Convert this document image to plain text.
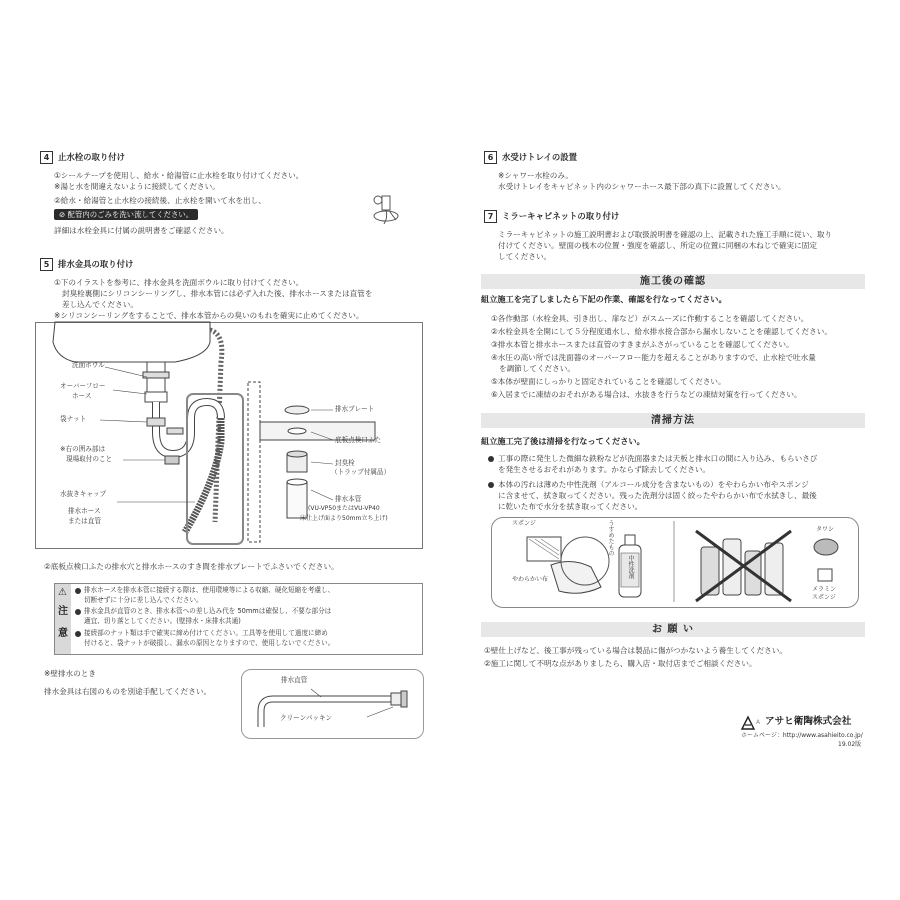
4	止水栓の取り付け
①シールテープを使用し、給水・給湯管に止水栓を取り付けてください。
※湯と水を間違えないように接続してください。
②給水・給湯管と止水栓の接続後、止水栓を開いて水を出し、
⊘ 配管内のごみを洗い流してください。
詳細は水栓金具に付属の説明書をご確認ください。
5	排水金具の取り付け
①下のイラストを参考に、排水金具を洗面ボウルに取り付けてください。
封臭栓裏側にシリコンシーリングし、排水本管には必ず入れた後、排水ホースまたは直管を
差し込んでください。
※シリコンシーリングをすることで、排水本管からの臭いのもれを確実に止めてください。
洗面ボウル
オーバーフロー
ホース
袋ナット
※右の囲み部は
現場取付のこと
水抜きキャップ
排水ホース
または直管
排水プレート
底板点検口ふた
封臭栓
（トラップ付属品）
排水本管
(VU-VP50またはVU-VP40
床仕上げ面より50mm立ち上げ)
②底板点検口ふたの排水穴と排水ホースのすき間を排水プレートでふさいでください。
⚠
注
意
排水ホースを排水本管に接続する際は、使用環境等による収縮、硬化短縮を考慮し、
切断せずに十分に差し込んでください。
排水金具が直管のとき、排水本管への差し込み代を 50mmは確保し、不要な部分は
適宜、切り落としてください。(壁排水・床排水共通)
接続部のナット類は手で確実に締め付けてください。工具等を使用して過度に締め
付けると、袋ナットが破損し、漏水の原因となりますので、使用しないでください。
※壁排水のとき
排水金具は右図のものを別途手配してください。
排水直管
クリーンパッキン
6	水受けトレイの設置
※シャワー水栓のみ。
水受けトレイをキャビネット内のシャワーホース最下部の真下に設置してください。
7	ミラーキャビネットの取り付け
ミラーキャビネットの施工説明書および取扱説明書を確認の上、記載された施工手順に従い、取り
付けてください。壁面の桟木の位置・強度を確認し、所定の位置に同梱の木ねじで確実に固定
してください。
施工後の確認
組立施工を完了しましたら下記の作業、確認を行なってください。
①各作動部（水栓金具、引き出し、扉など）がスムーズに作動することを確認してください。
②水栓金具を全開にして５分程度通水し、給水排水接合部から漏水しないことを確認してください。
③排水本管と排水ホースまたは直管のすきまがふさがっていることを確認してください。
④水圧の高い所では洗面器のオーバーフロー能力を超えることがありますので、止水栓で吐水量
を調節してください。
⑤本体が壁面にしっかりと固定されていることを確認してください。
⑥入居までに凍結のおそれがある場合は、水抜きを行うなどの凍結対策を行ってください。
清掃方法
組立施工完了後は清掃を行なってください。
工事の際に発生した微細な鉄粉などが洗面器または天板と排水口の間に入り込み、もらいさび
を発生させるおそれがあります。かならず除去してください。
本体の汚れは薄めた中性洗剤（アルコール成分を含まないもの）をやわらかい布やスポンジ
に含ませて、拭き取ってください。残った洗剤分は固く絞ったやわらかい布で水拭きし、最後
に乾いた布で水分を拭き取ってください。
スポンジ
やわらかい布
うすめたもの
中性洗剤
タワシ
メラミン
スポンジ
お 願 い
①壁仕上げなど、後工事が残っている場合は製品に傷がつかないよう養生してください。
②施工に関して不明な点がありましたら、購入店・取付店までご相談ください。
A アサヒ衛陶株式会社
ホームページ：http://www.asahieito.co.jp/
19.02版
